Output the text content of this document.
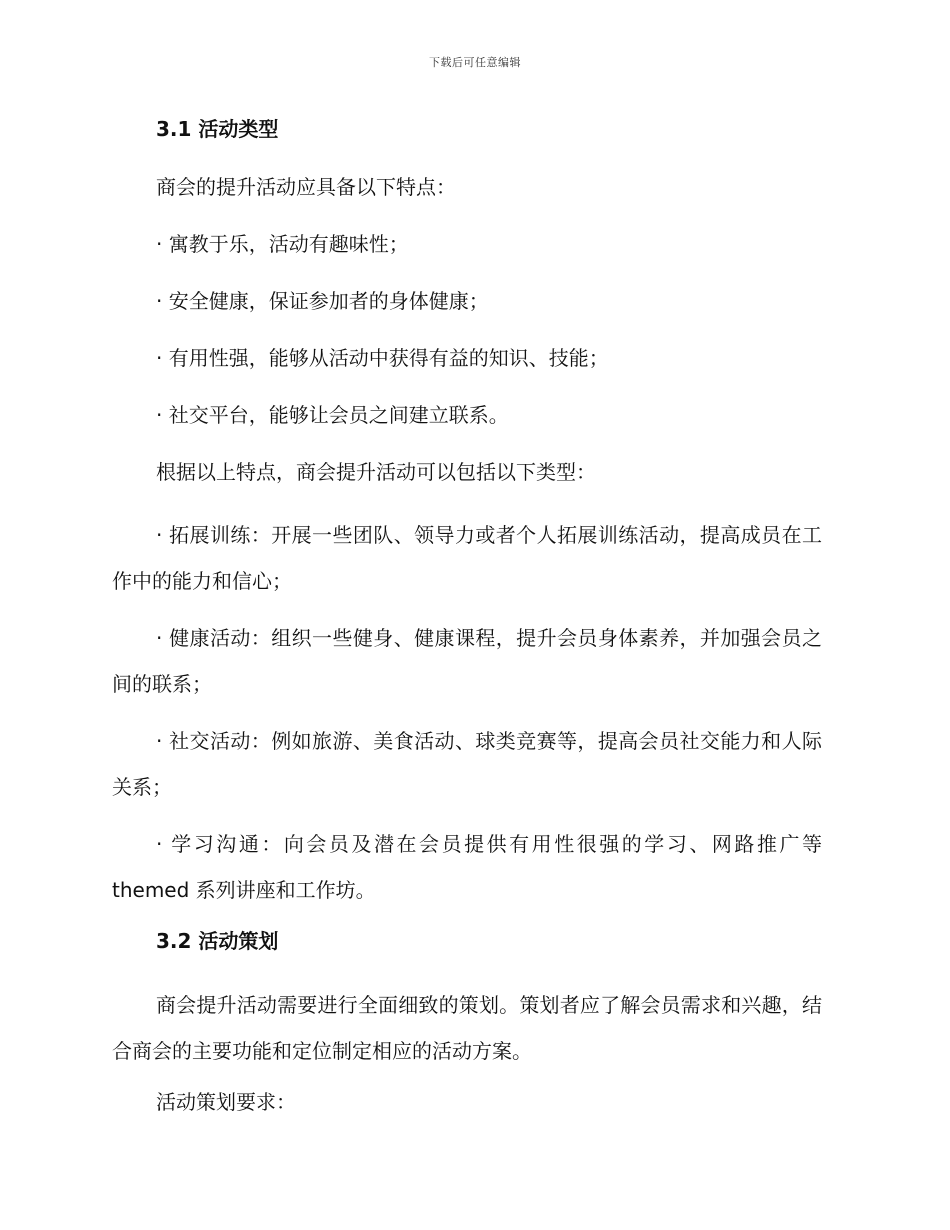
下载后可任意编辑
3.1 活动类型

商会的提升活动应具备以下特点：

· 寓教于乐，活动有趣味性；

· 安全健康，保证参加者的身体健康；

· 有用性强，能够从活动中获得有益的知识、技能；

· 社交平台，能够让会员之间建立联系。

根据以上特点，商会提升活动可以包括以下类型：

· 拓展训练：开展一些团队、领导力或者个人拓展训练活动，提高成员在工作中的能力和信心；

· 健康活动：组织一些健身、健康课程，提升会员身体素养，并加强会员之间的联系；

· 社交活动：例如旅游、美食活动、球类竞赛等，提高会员社交能力和人际关系；

· 学习沟通：向会员及潜在会员提供有用性很强的学习、网路推广等themed 系列讲座和工作坊。

3.2 活动策划

商会提升活动需要进行全面细致的策划。策划者应了解会员需求和兴趣，结合商会的主要功能和定位制定相应的活动方案。

活动策划要求：
